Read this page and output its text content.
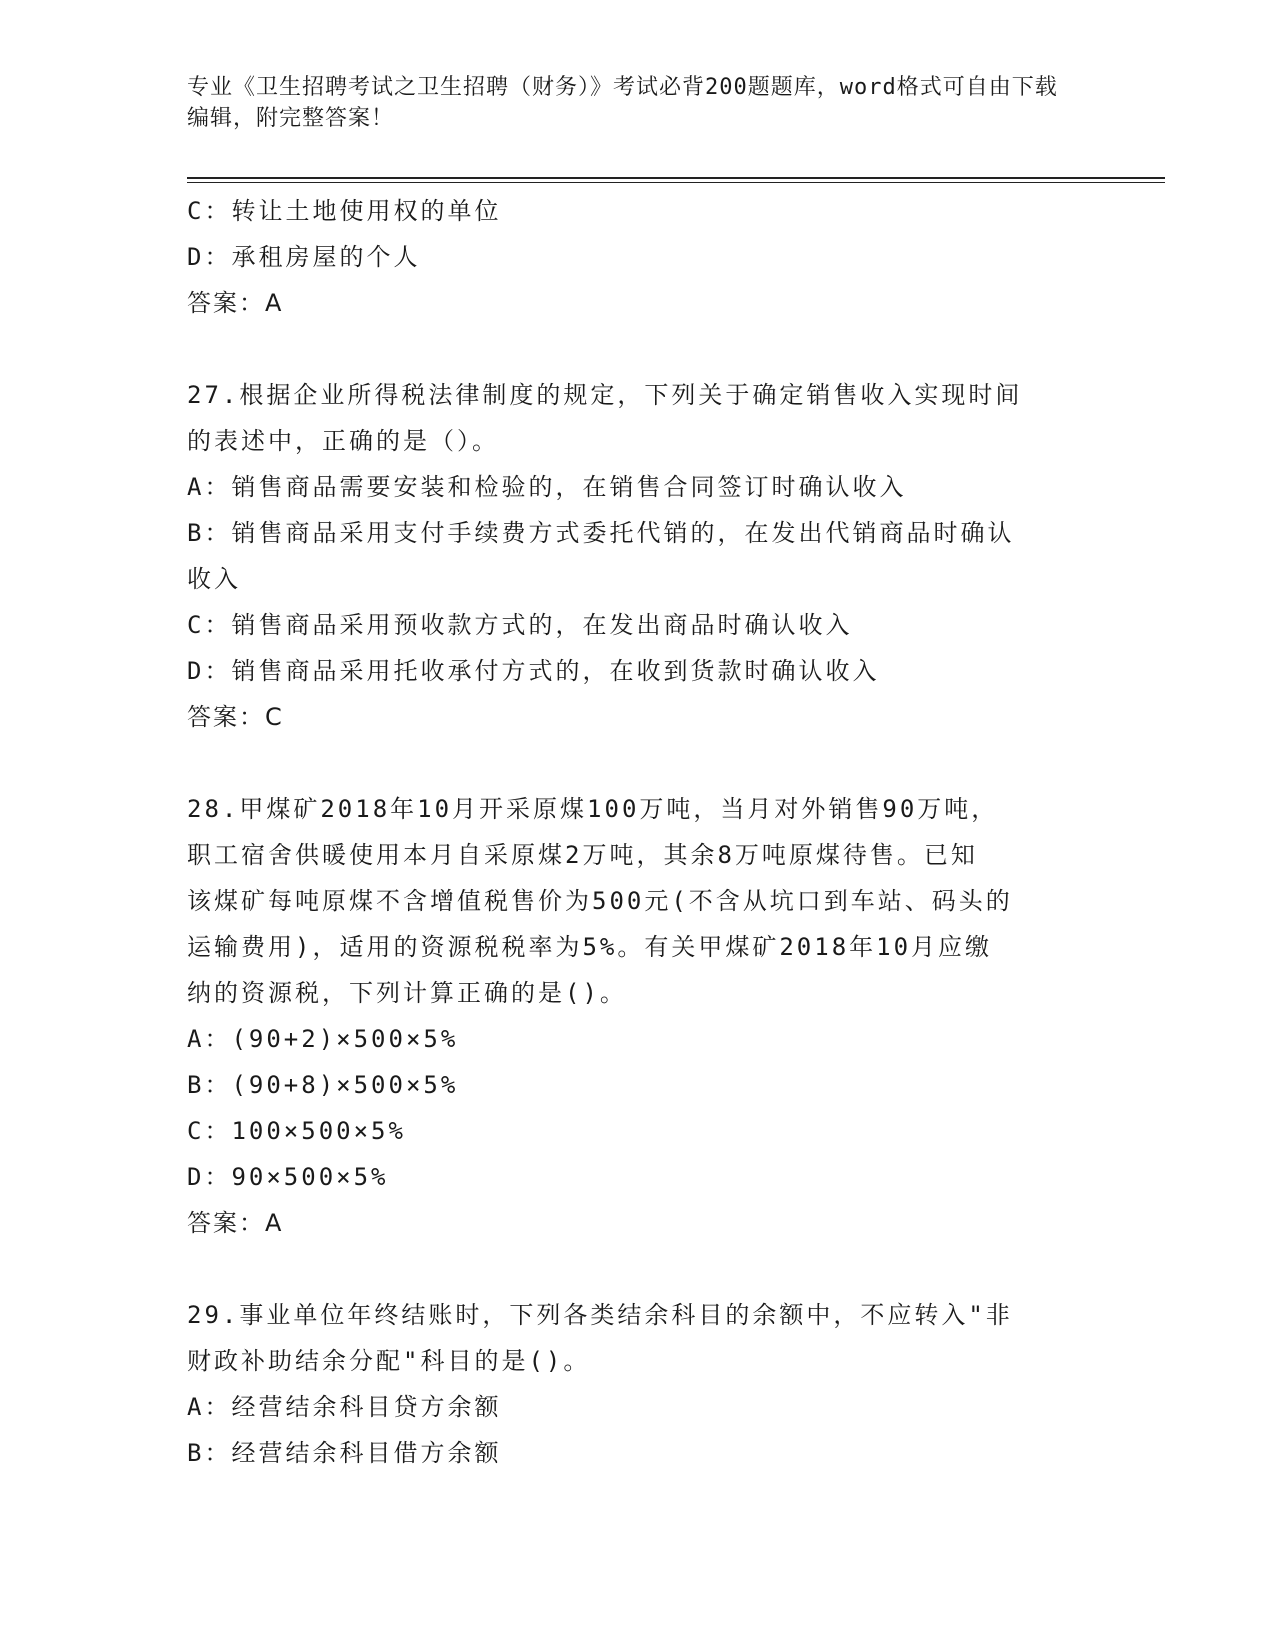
专业《卫生招聘考试之卫生招聘（财务）》考试必背200题题库，word格式可自由下载编辑，附完整答案！
C：转让土地使用权的单位
D：承租房屋的个人
答案：A
27.根据企业所得税法律制度的规定，下列关于确定销售收入实现时间
的表述中，正确的是（）。
A：销售商品需要安装和检验的，在销售合同签订时确认收入
B：销售商品采用支付手续费方式委托代销的，在发出代销商品时确认
收入
C：销售商品采用预收款方式的，在发出商品时确认收入
D：销售商品采用托收承付方式的，在收到货款时确认收入
答案：C
28.甲煤矿2018年10月开采原煤100万吨，当月对外销售90万吨，
职工宿舍供暖使用本月自采原煤2万吨，其余8万吨原煤待售。已知
该煤矿每吨原煤不含增值税售价为500元(不含从坑口到车站、码头的
运输费用)，适用的资源税税率为5%。有关甲煤矿2018年10月应缴
纳的资源税，下列计算正确的是()。
A：(90+2)×500×5%
B：(90+8)×500×5%
C：100×500×5%
D：90×500×5%
答案：A
29.事业单位年终结账时，下列各类结余科目的余额中，不应转入"非
财政补助结余分配"科目的是()。
A：经营结余科目贷方余额
B：经营结余科目借方余额
